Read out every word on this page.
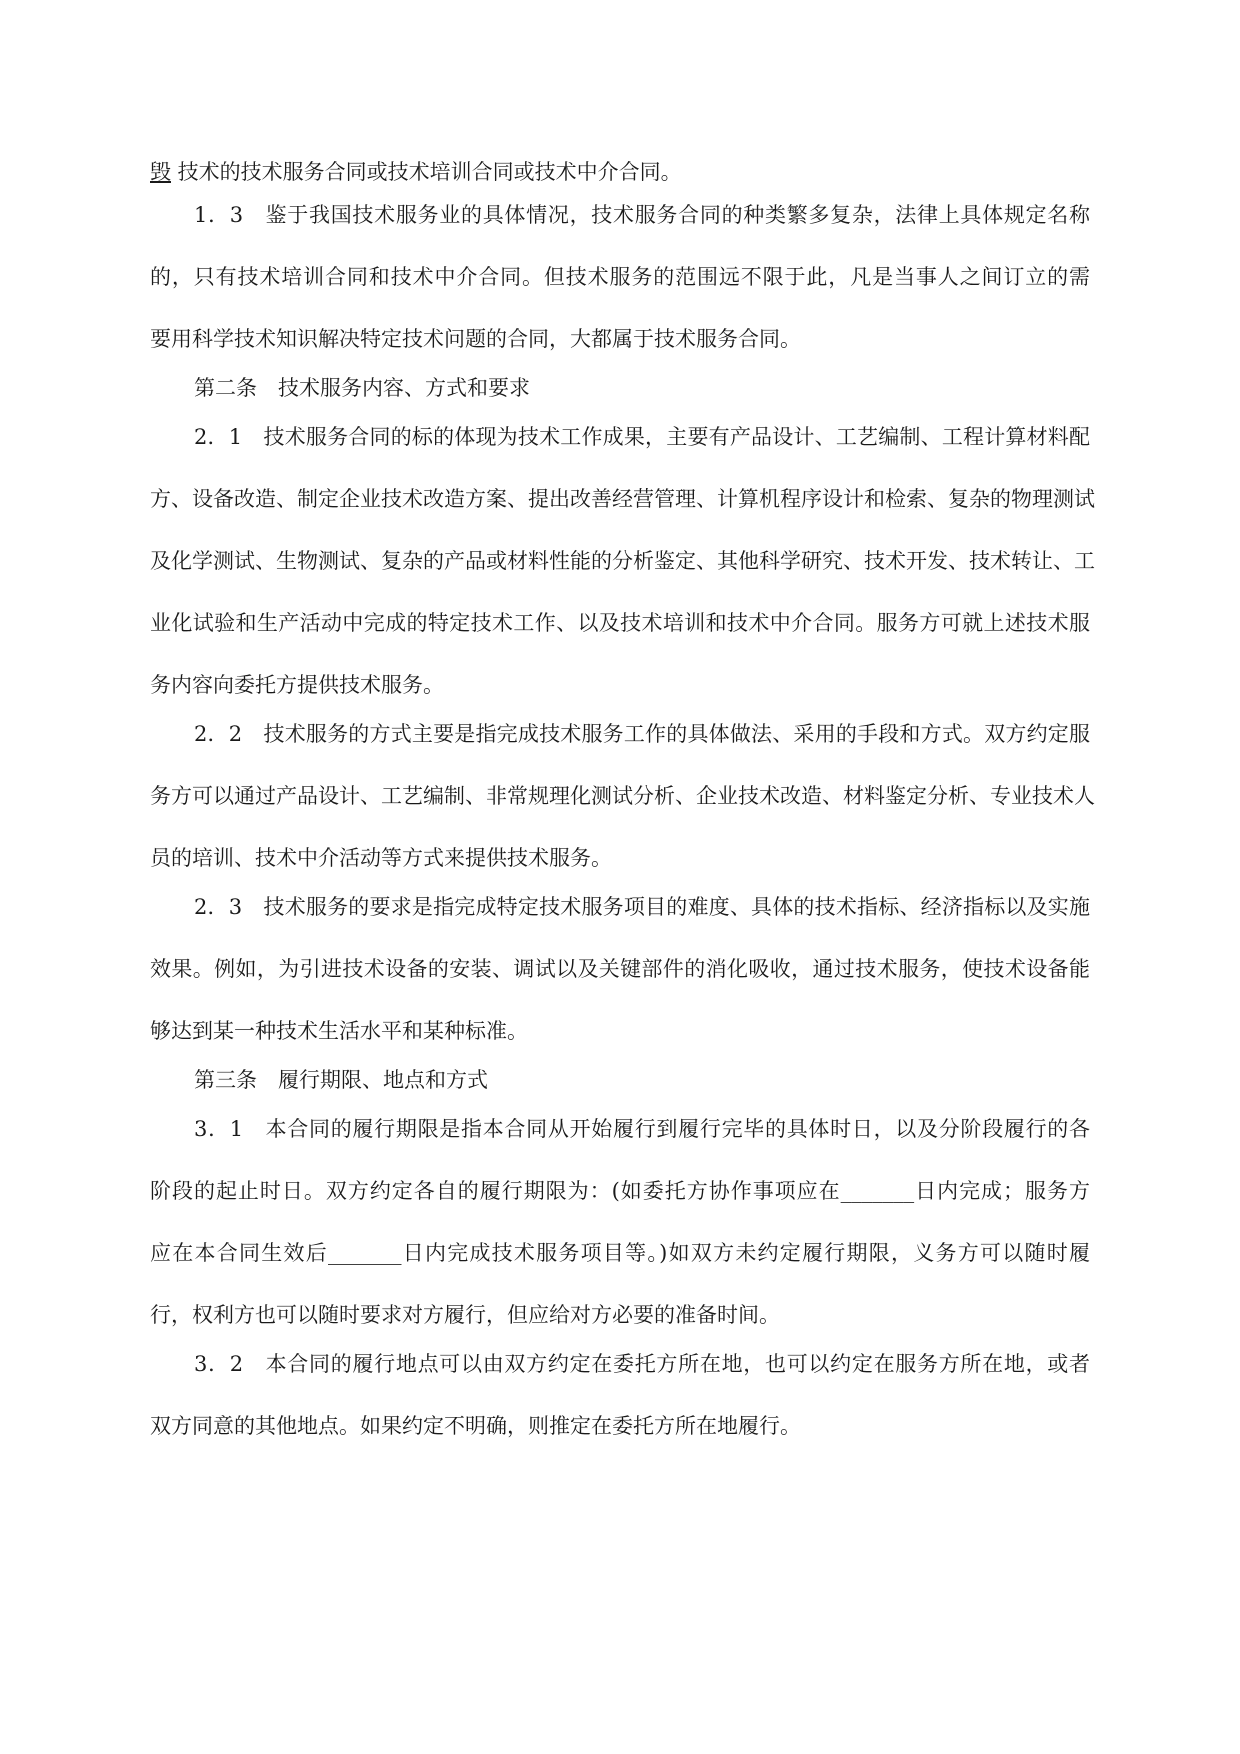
毁 技术的技术服务合同或技术培训合同或技术中介合同。
1．3　鉴于我国技术服务业的具体情况，技术服务合同的种类繁多复杂，法律上具体规定名称
的，只有技术培训合同和技术中介合同。但技术服务的范围远不限于此，凡是当事人之间订立的需
要用科学技术知识解决特定技术问题的合同，大都属于技术服务合同。
第二条　技术服务内容、方式和要求
2．1　技术服务合同的标的体现为技术工作成果，主要有产品设计、工艺编制、工程计算材料配
方、设备改造、制定企业技术改造方案、提出改善经营管理、计算机程序设计和检索、复杂的物理测试
及化学测试、生物测试、复杂的产品或材料性能的分析鉴定、其他科学研究、技术开发、技术转让、工
业化试验和生产活动中完成的特定技术工作、以及技术培训和技术中介合同。服务方可就上述技术服
务内容向委托方提供技术服务。
2．2　技术服务的方式主要是指完成技术服务工作的具体做法、采用的手段和方式。双方约定服
务方可以通过产品设计、工艺编制、非常规理化测试分析、企业技术改造、材料鉴定分析、专业技术人
员的培训、技术中介活动等方式来提供技术服务。
2．3　技术服务的要求是指完成特定技术服务项目的难度、具体的技术指标、经济指标以及实施
效果。例如，为引进技术设备的安装、调试以及关键部件的消化吸收，通过技术服务，使技术设备能
够达到某一种技术生活水平和某种标准。
第三条　履行期限、地点和方式
3．1　本合同的履行期限是指本合同从开始履行到履行完毕的具体时日，以及分阶段履行的各
阶段的起止时日。双方约定各自的履行期限为：(如委托方协作事项应在_______日内完成；服务方
应在本合同生效后_______日内完成技术服务项目等。)如双方未约定履行期限，义务方可以随时履
行，权利方也可以随时要求对方履行，但应给对方必要的准备时间。
3．2　本合同的履行地点可以由双方约定在委托方所在地，也可以约定在服务方所在地，或者
双方同意的其他地点。如果约定不明确，则推定在委托方所在地履行。
